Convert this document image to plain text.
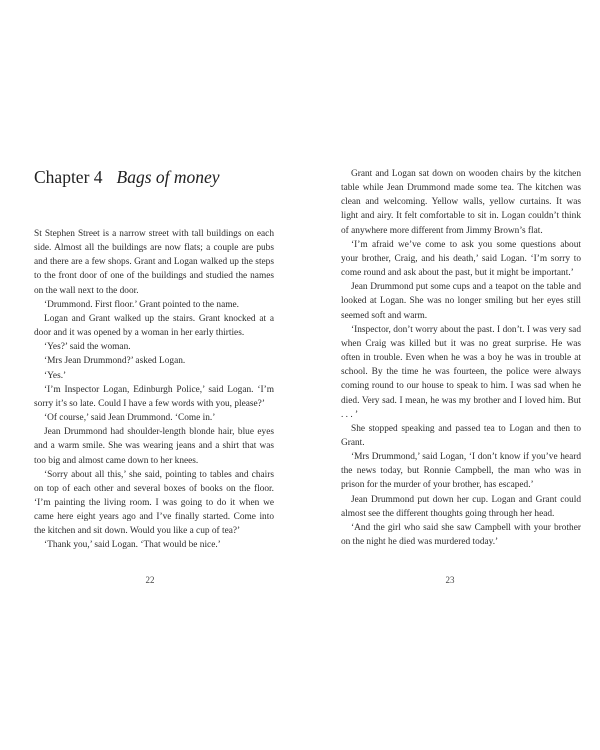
Chapter 4 Bags of money

St Stephen Street is a narrow street with tall buildings on each side. Almost all the buildings are now flats; a couple are pubs and there are a few shops. Grant and Logan walked up the steps to the front door of one of the buildings and studied the names on the wall next to the door.

‘Drummond. First floor.’ Grant pointed to the name.

Logan and Grant walked up the stairs. Grant knocked at a door and it was opened by a woman in her early thirties.

‘Yes?’ said the woman.

‘Mrs Jean Drummond?’ asked Logan.

‘Yes.’

‘I’m Inspector Logan, Edinburgh Police,’ said Logan. ‘I’m sorry it’s so late. Could I have a few words with you, please?’

‘Of course,’ said Jean Drummond. ‘Come in.’

Jean Drummond had shoulder-length blonde hair, blue eyes and a warm smile. She was wearing jeans and a shirt that was too big and almost came down to her knees.

‘Sorry about all this,’ she said, pointing to tables and chairs on top of each other and several boxes of books on the floor. ‘I’m painting the living room. I was going to do it when we came here eight years ago and I’ve finally started. Come into the kitchen and sit down. Would you like a cup of tea?’

‘Thank you,’ said Logan. ‘That would be nice.’

22

Grant and Logan sat down on wooden chairs by the kitchen table while Jean Drummond made some tea. The kitchen was clean and welcoming. Yellow walls, yellow curtains. It was light and airy. It felt comfortable to sit in. Logan couldn’t think of anywhere more different from Jimmy Brown’s flat.

‘I’m afraid we’ve come to ask you some questions about your brother, Craig, and his death,’ said Logan. ‘I’m sorry to come round and ask about the past, but it might be important.’

Jean Drummond put some cups and a teapot on the table and looked at Logan. She was no longer smiling but her eyes still seemed soft and warm.

‘Inspector, don’t worry about the past. I don’t. I was very sad when Craig was killed but it was no great surprise. He was often in trouble. Even when he was a boy he was in trouble at school. By the time he was fourteen, the police were always coming round to our house to speak to him. I was sad when he died. Very sad. I mean, he was my brother and I loved him. But . . . ’

She stopped speaking and passed tea to Logan and then to Grant.

‘Mrs Drummond,’ said Logan, ‘I don’t know if you’ve heard the news today, but Ronnie Campbell, the man who was in prison for the murder of your brother, has escaped.’

Jean Drummond put down her cup. Logan and Grant could almost see the different thoughts going through her head.

‘And the girl who said she saw Campbell with your brother on the night he died was murdered today.’

23
